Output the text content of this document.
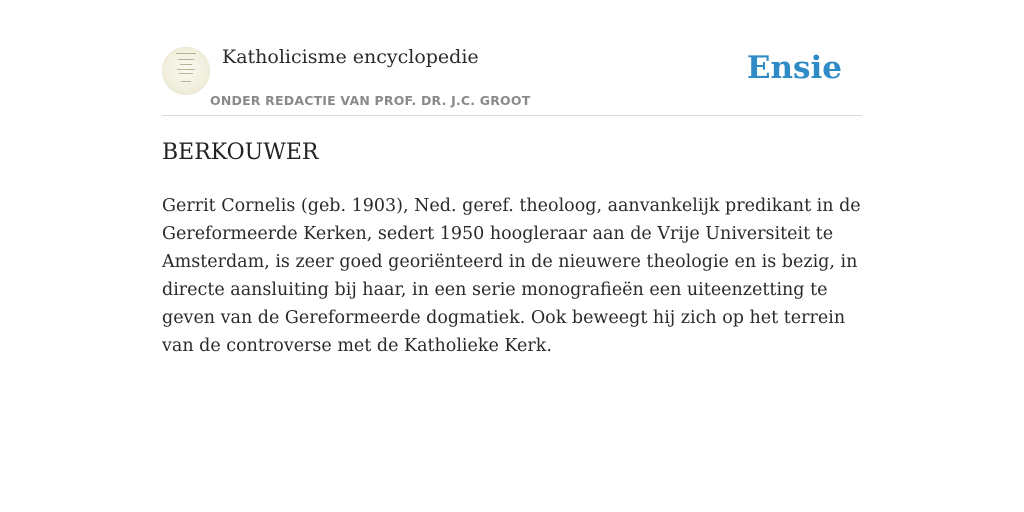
Katholicisme encyclopedie
ONDER REDACTIE VAN PROF. DR. J.C. GROOT
Ensie
BERKOUWER

Gerrit Cornelis (geb. 1903), Ned. geref. theoloog, aanvankelijk predikant in de Gereformeerde Kerken, sedert 1950 hoogleraar aan de Vrije Universiteit te Amsterdam, is zeer goed georiënteerd in de nieuwere theologie en is bezig, in directe aansluiting bij haar, in een serie monografieën een uiteenzetting te geven van de Gereformeerde dogmatiek. Ook beweegt hij zich op het terrein van de controverse met de Katholieke Kerk.
